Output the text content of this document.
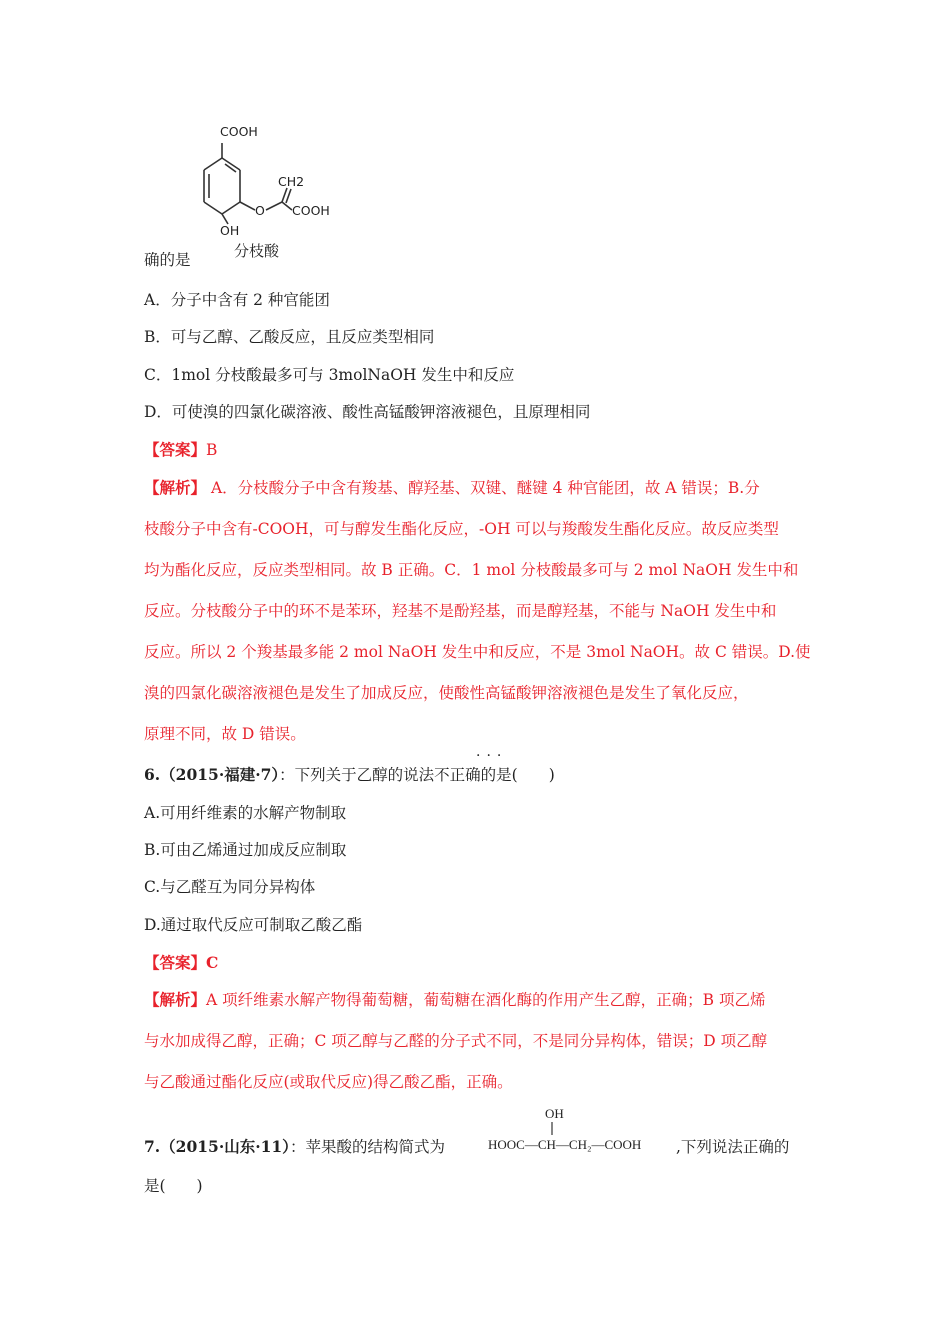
COOH
CH2
O COOH
OH
分枝酸
确的是
A．分子中含有 2 种官能团
B．可与乙醇、乙酸反应，且反应类型相同
C．1mol 分枝酸最多可与 3molNaOH 发生中和反应
D．可使溴的四氯化碳溶液、酸性高锰酸钾溶液褪色，且原理相同
【答案】B
【解析】 A．分枝酸分子中含有羧基、醇羟基、双键、醚键 4 种官能团，故 A 错误；B.分
枝酸分子中含有-COOH，可与醇发生酯化反应，-OH 可以与羧酸发生酯化反应。故反应类型
均为酯化反应，反应类型相同。故 B 正确。C．1 mol 分枝酸最多可与 2 mol NaOH 发生中和
反应。分枝酸分子中的环不是苯环，羟基不是酚羟基，而是醇羟基，不能与 NaOH 发生中和
反应。所以 2 个羧基最多能 2 mol NaOH 发生中和反应，不是 3mol NaOH。故 C 错误。D.使
溴的四氯化碳溶液褪色是发生了加成反应，使酸性高锰酸钾溶液褪色是发生了氧化反应，
原理不同，故 D 错误。
···
6.（2015·福建·7）：下列关于乙醇的说法不正确的是(　　)
A.可用纤维素的水解产物制取
B.可由乙烯通过加成反应制取
C.与乙醛互为同分异构体
D.通过取代反应可制取乙酸乙酯
【答案】C
【解析】A 项纤维素水解产物得葡萄糖，葡萄糖在酒化酶的作用产生乙醇，正确；B 项乙烯
与水加成得乙醇，正确；C 项乙醇与乙醛的分子式不同，不是同分异构体，错误；D 项乙醇
与乙酸通过酯化反应(或取代反应)得乙酸乙酯，正确。
OH
7.（2015·山东·11）：苹果酸的结构简式为	HOOC—CH—CH₂—COOH ,下列说法正确的
是(　　)
